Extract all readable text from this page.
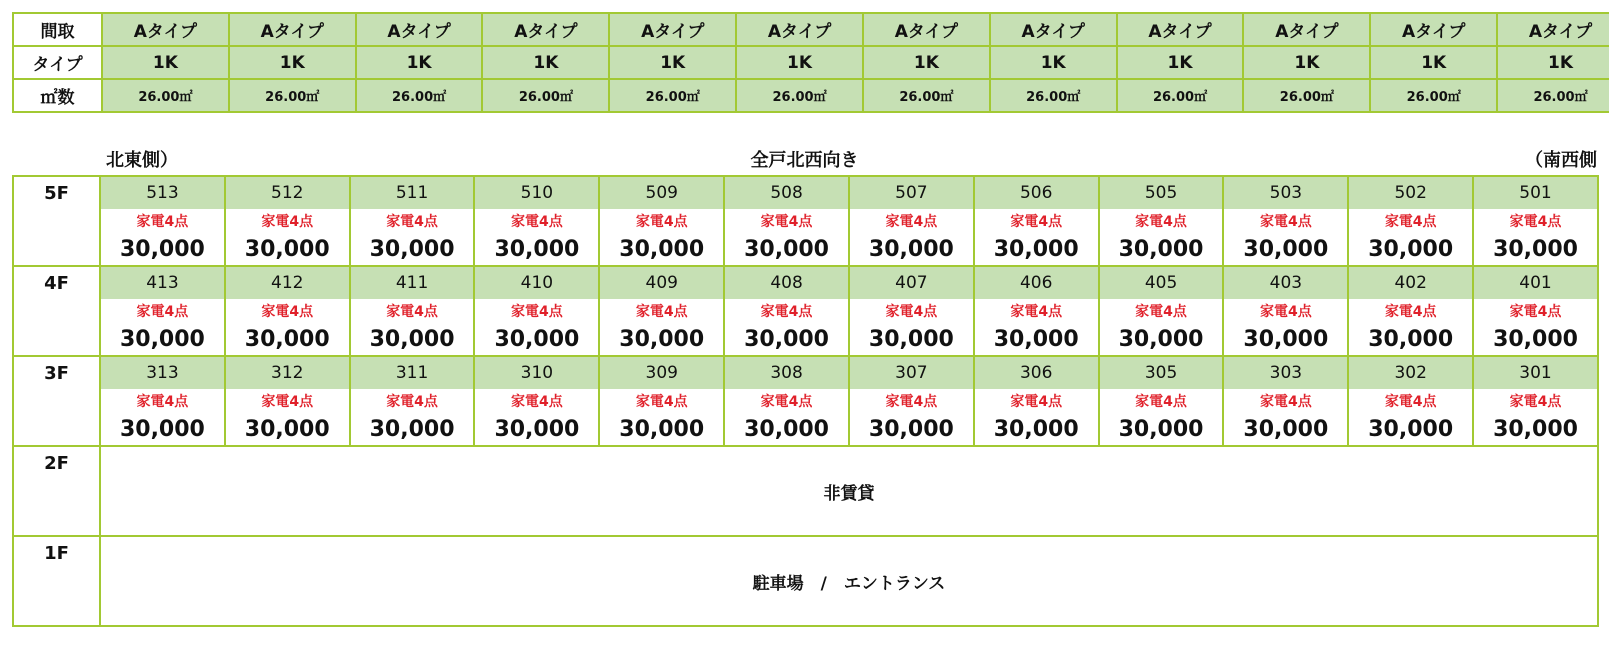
間取	Aタイプ	Aタイプ	Aタイプ	Aタイプ	Aタイプ	Aタイプ	Aタイプ	Aタイプ	Aタイプ	Aタイプ	Aタイプ	Aタイプ
タイプ	1K	1K	1K	1K	1K	1K	1K	1K	1K	1K	1K	1K
㎡数	26.00㎡	26.00㎡	26.00㎡	26.00㎡	26.00㎡	26.00㎡	26.00㎡	26.00㎡	26.00㎡	26.00㎡	26.00㎡	26.00㎡
北東側）	全戸北西向き	（南西側
5F	513	512	511	510	509	508	507	506	505	503	502	501
	家電4点	家電4点	家電4点	家電4点	家電4点	家電4点	家電4点	家電4点	家電4点	家電4点	家電4点	家電4点
	30,000	30,000	30,000	30,000	30,000	30,000	30,000	30,000	30,000	30,000	30,000	30,000
4F	413	412	411	410	409	408	407	406	405	403	402	401
	家電4点	家電4点	家電4点	家電4点	家電4点	家電4点	家電4点	家電4点	家電4点	家電4点	家電4点	家電4点
	30,000	30,000	30,000	30,000	30,000	30,000	30,000	30,000	30,000	30,000	30,000	30,000
3F	313	312	311	310	309	308	307	306	305	303	302	301
	家電4点	家電4点	家電4点	家電4点	家電4点	家電4点	家電4点	家電4点	家電4点	家電4点	家電4点	家電4点
	30,000	30,000	30,000	30,000	30,000	30,000	30,000	30,000	30,000	30,000	30,000	30,000
2F	非賃貸											
1F	駐車場　/　エントランス											
